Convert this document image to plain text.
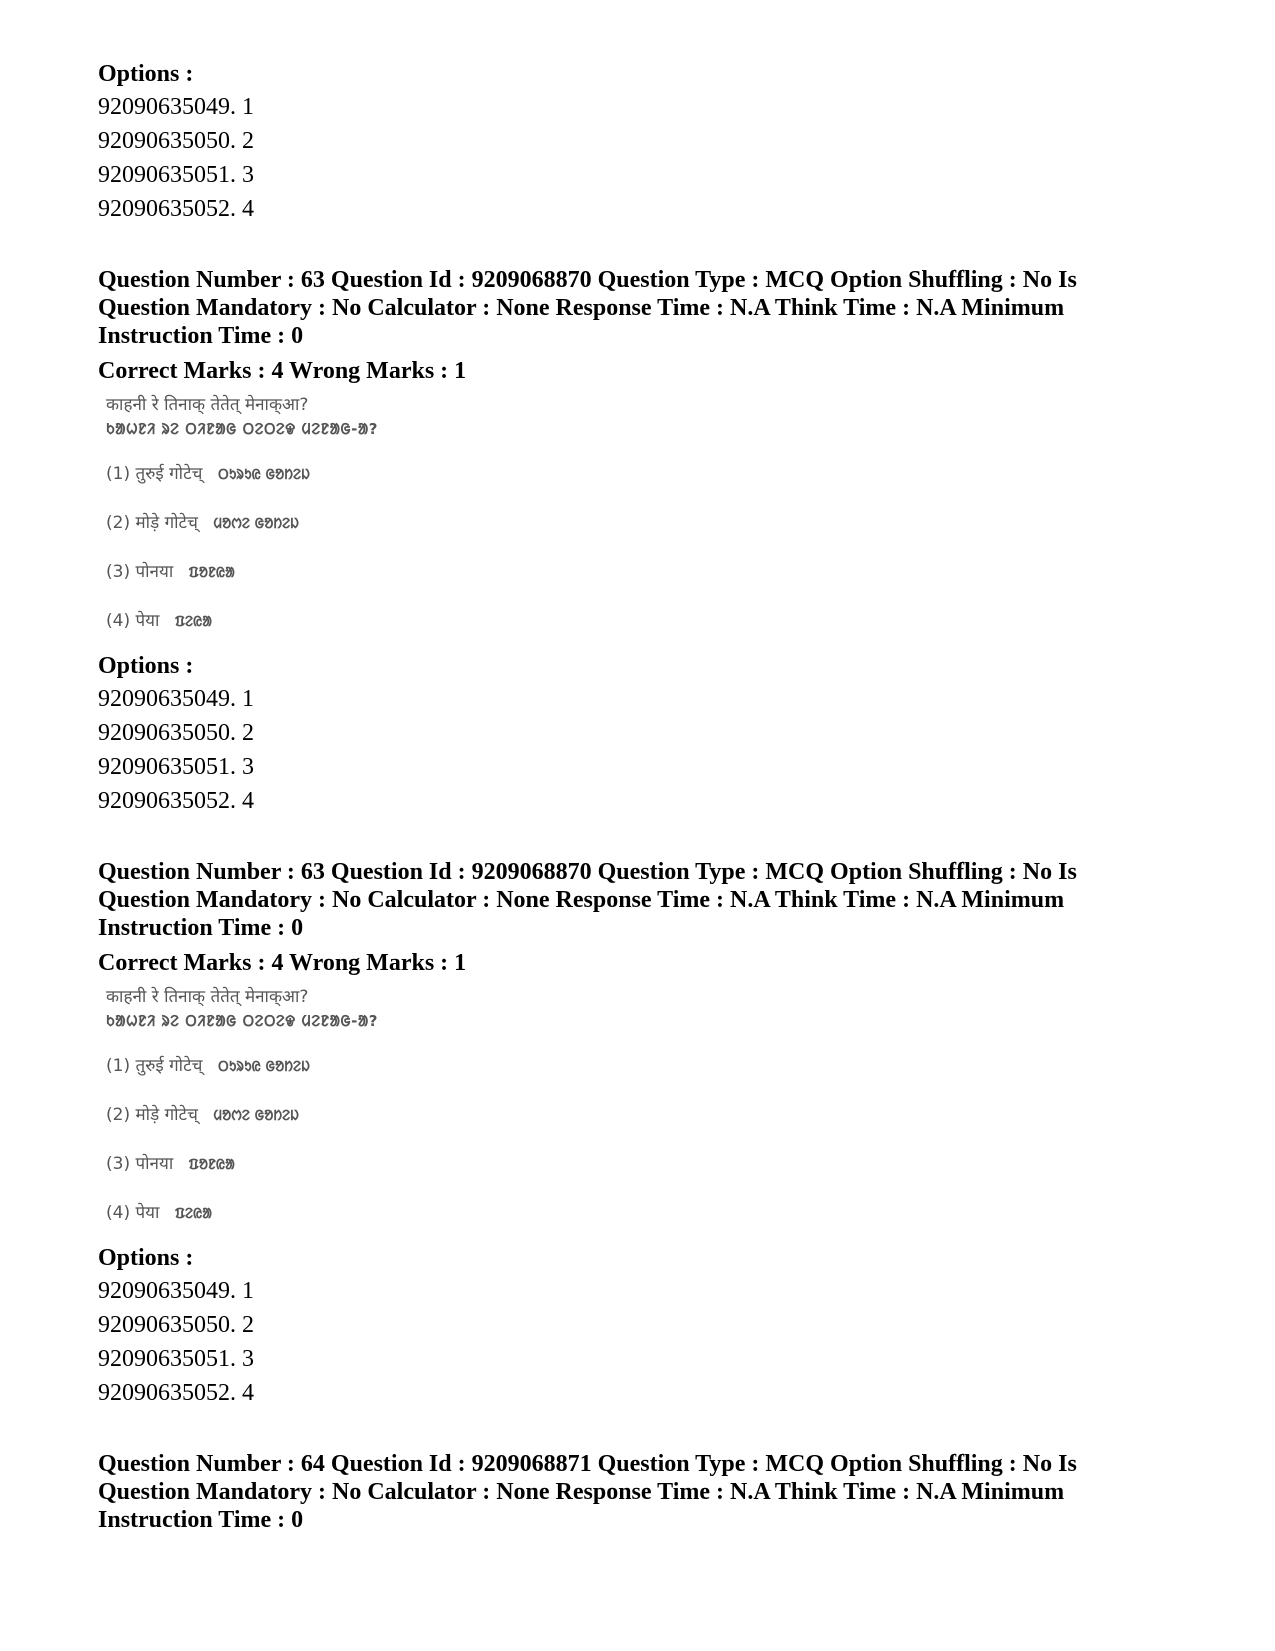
Options :
92090635049. 1
92090635050. 2
92090635051. 3
92090635052. 4
Question Number : 63 Question Id : 9209068870 Question Type : MCQ Option Shuffling : No Is
Question Mandatory : No Calculator : None Response Time : N.A Think Time : N.A Minimum
Instruction Time : 0
Correct Marks : 4 Wrong Marks : 1
काहनी रे तिनाक् तेतेत् मेनाक्आ?
ᱠᱟᱦᱱᱤ ᱨᱮ ᱛᱤᱱᱟᱜ ᱛᱮᱛᱮᱫ ᱢᱮᱱᱟᱜ-ᱟ?
(1) तुरुई गोटेच् ᱛᱩᱨᱩᱭ ᱜᱚᱴᱮᱡ
(2) मोड़े गोटेच् ᱢᱚᱬᱮ ᱜᱚᱴᱮᱡ
(3) पोनया ᱯᱚᱱᱭᱟ
(4) पेया ᱯᱮᱭᱟ
Options :
92090635049. 1
92090635050. 2
92090635051. 3
92090635052. 4
Question Number : 63 Question Id : 9209068870 Question Type : MCQ Option Shuffling : No Is
Question Mandatory : No Calculator : None Response Time : N.A Think Time : N.A Minimum
Instruction Time : 0
Correct Marks : 4 Wrong Marks : 1
काहनी रे तिनाक् तेतेत् मेनाक्आ?
ᱠᱟᱦᱱᱤ ᱨᱮ ᱛᱤᱱᱟᱜ ᱛᱮᱛᱮᱫ ᱢᱮᱱᱟᱜ-ᱟ?
(1) तुरुई गोटेच् ᱛᱩᱨᱩᱭ ᱜᱚᱴᱮᱡ
(2) मोड़े गोटेच् ᱢᱚᱬᱮ ᱜᱚᱴᱮᱡ
(3) पोनया ᱯᱚᱱᱭᱟ
(4) पेया ᱯᱮᱭᱟ
Options :
92090635049. 1
92090635050. 2
92090635051. 3
92090635052. 4
Question Number : 64 Question Id : 9209068871 Question Type : MCQ Option Shuffling : No Is
Question Mandatory : No Calculator : None Response Time : N.A Think Time : N.A Minimum
Instruction Time : 0
